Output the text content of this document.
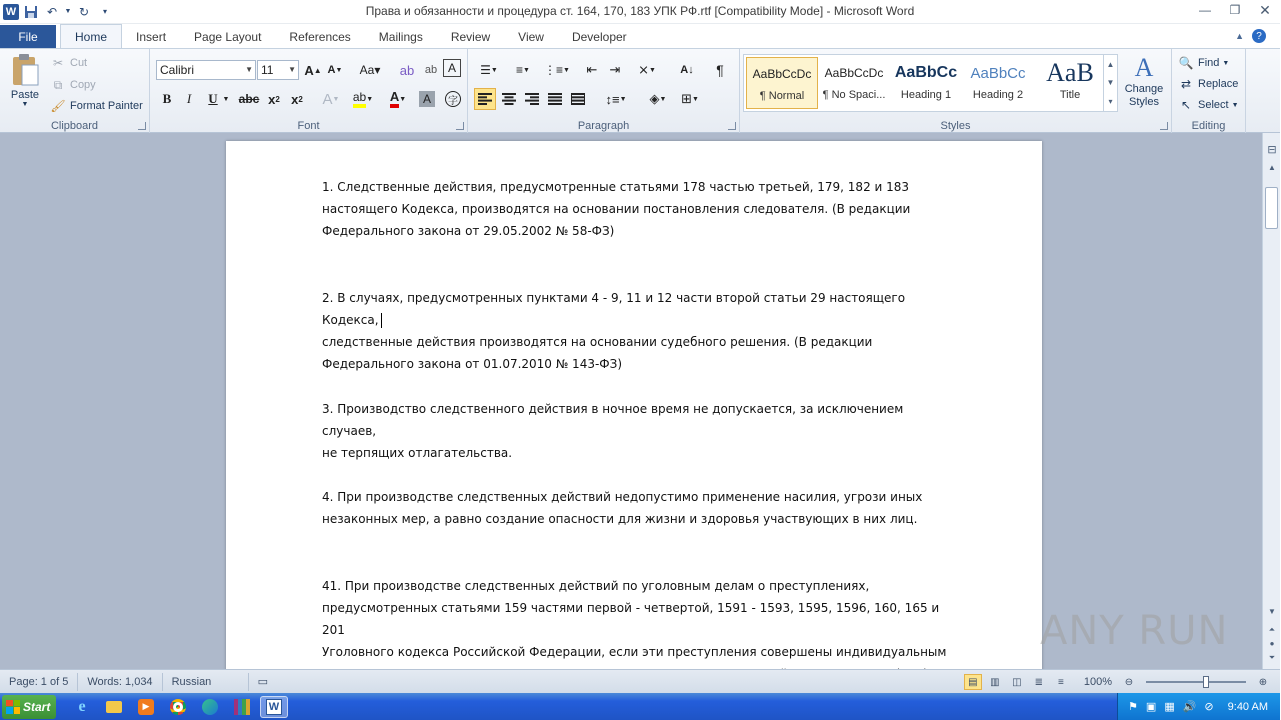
W	↶	▼ ↻	▾	Права и обязанности и процедура ст. 164, 170, 183 УПК РФ.rtf [Compatibility Mode] - Microsoft Word	—	❐	✕
File	Home	Insert	Page Layout	References	Mailings	Review	View	Developer	▲	?
Paste
▼
✂ Cut
⧉ Copy
🖌 Format Painter
Clipboard
Calibri	▼ 11 ▼ A ▲ A ▼	Aa▾	ab ab A
B	I	U ▼ abc x 2 x 2 A ▼ ab ▼ A ▼	A	字
Font
☰ ▼	≡ ▼ ⋮≡ ▼	⇤ ⇥	⨯ ▼	A↓	¶
↕≡ ▼	◈ ▼	⊞ ▼
Paragraph
AaBbCcDc
¶ Normal
AaBbCcDc
¶ No Spaci...
AaBbCc
Heading 1
AaBbCc
Heading 2
AaB
Title
▲
▼
▾
A
Change Styles
Styles
🔍 Find ▼
⇄ Replace
↖ Select ▼
Editing
1. Следственные действия, предусмотренные статьями 178 частью третьей, 179, 182 и 183
настоящего Кодекса, производятся на основании постановления следователя. (В редакции
Федерального закона от 29.05.2002 № 58-ФЗ)
2. В случаях, предусмотренных пунктами 4 - 9, 11 и 12 части второй статьи 29 настоящего Кодекса,
следственные действия производятся на основании судебного решения. (В редакции
Федерального закона от 01.07.2010 № 143-ФЗ)
3. Производство следственного действия в ночное время не допускается, за исключением случаев,
не терпящих отлагательства.
4. При производстве следственных действий недопустимо применение насилия, угрози иных
незаконных мер, а равно создание опасности для жизни и здоровья участвующих в них лиц.
41. При производстве следственных действий по уголовным делам о преступлениях,
предусмотренных статьями 159 частями первой - четвертой, 1591 - 1593, 1595, 1596, 160, 165 и 201
Уголовного кодекса Российской Федерации, если эти преступления совершены индивидуальным ANY RUN
⊟
▲
▼
⏶
●
⏷
Page: 1 of 5	Words: 1,034	Russian	▭	▤	▥	◫	≣	≡	100%	⊖	⊕
Start e	▶	W	⚑ ▣ ▦ 🔊 ⊘ 9:40 AM
